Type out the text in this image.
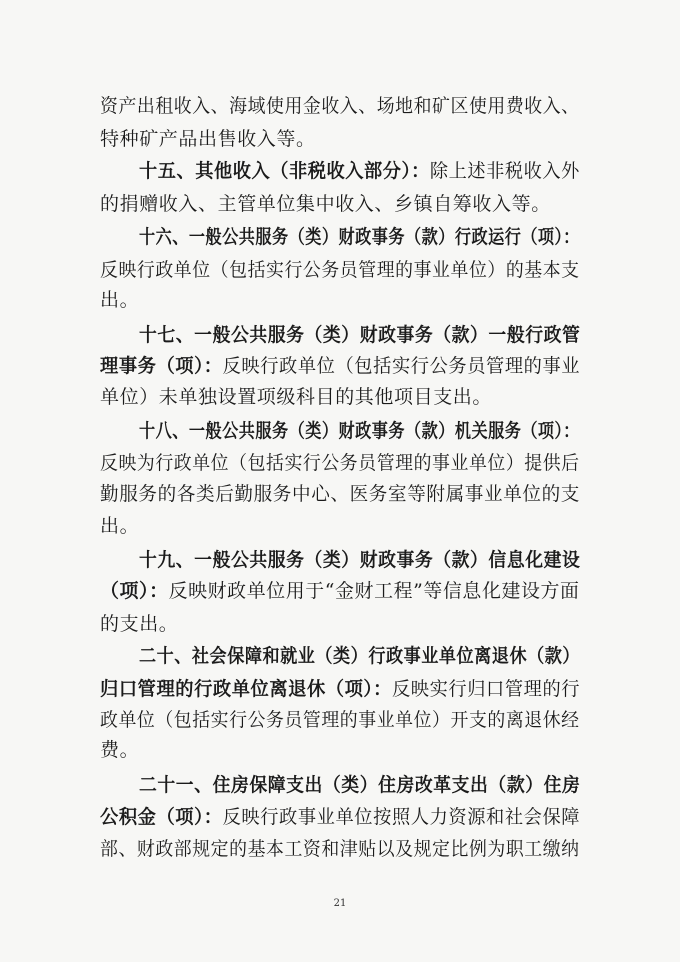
资产出租收入、海域使用金收入、场地和矿区使用费收入、
特种矿产品出售收入等。
十五、其他收入（非税收入部分）：除上述非税收入外
的捐赠收入、主管单位集中收入、乡镇自筹收入等。
十六、一般公共服务（类）财政事务（款）行政运行（项）：
反映行政单位（包括实行公务员管理的事业单位）的基本支
出。
十七、一般公共服务（类）财政事务（款）一般行政管
理事务（项）：反映行政单位（包括实行公务员管理的事业
单位）未单独设置项级科目的其他项目支出。
十八、一般公共服务（类）财政事务（款）机关服务（项）：
反映为行政单位（包括实行公务员管理的事业单位）提供后
勤服务的各类后勤服务中心、医务室等附属事业单位的支
出。
十九、一般公共服务（类）财政事务（款）信息化建设
（项）：反映财政单位用于“金财工程”等信息化建设方面
的支出。
二十、社会保障和就业（类）行政事业单位离退休（款）
归口管理的行政单位离退休（项）：反映实行归口管理的行
政单位（包括实行公务员管理的事业单位）开支的离退休经
费。
二十一、住房保障支出（类）住房改革支出（款）住房
公积金（项）：反映行政事业单位按照人力资源和社会保障
部、财政部规定的基本工资和津贴以及规定比例为职工缴纳
21
